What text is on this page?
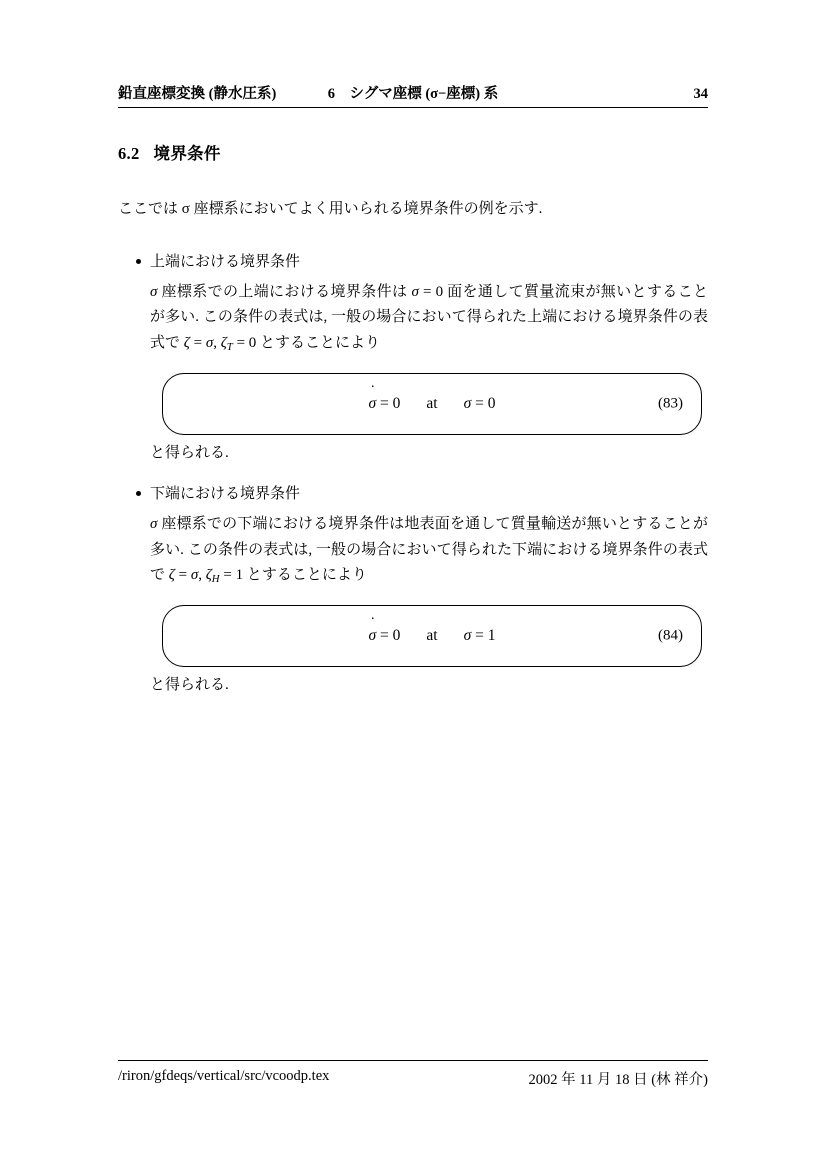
鉛直座標変換 (静水圧系)	6　シグマ座標 (σ−座標) 系	34
6.2 境界条件
ここでは σ 座標系においてよく用いられる境界条件の例を示す.
上端における境界条件
σ 座標系での上端における境界条件は σ = 0 面を通して質量流束が無いとすることが多い. この条件の表式は, 一般の場合において得られた上端における境界条件の表式で ζ = σ, $\zeta_T = 0$ とすることにより
˙ σ = 0 at σ = 0	(83)
と得られる.
下端における境界条件
σ 座標系での下端における境界条件は地表面を通して質量輸送が無いとすることが多い. この条件の表式は, 一般の場合において得られた下端における境界条件の表式で ζ = σ, $\zeta_H = 1$ とすることにより
˙ σ = 0 at σ = 1	(84)
と得られる.
/riron/gfdeqs/vertical/src/vcoodp.tex	2002 年 11 月 18 日 (林 祥介)
